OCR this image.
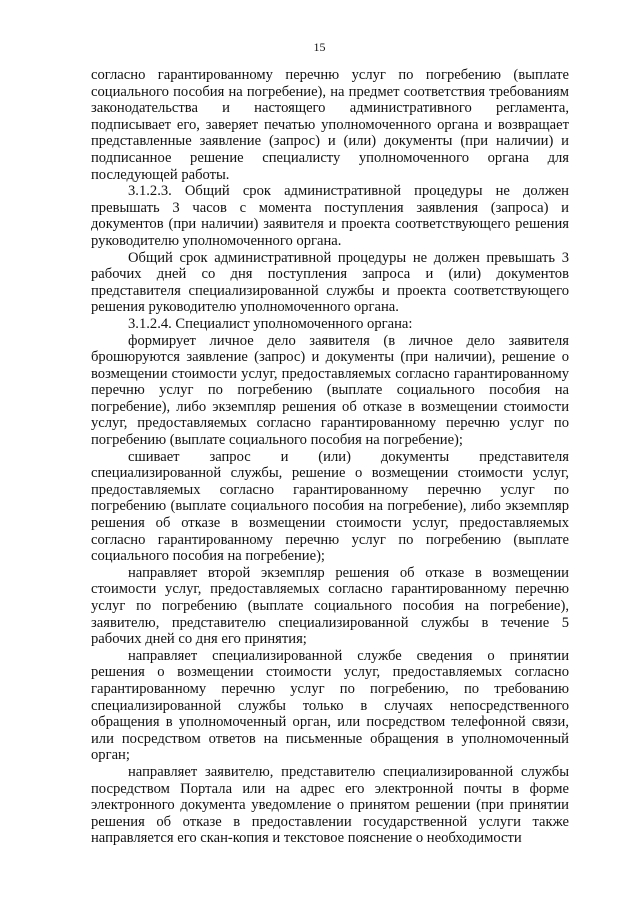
15

согласно гарантированному перечню услуг по погребению (выплате социального пособия на погребение), на предмет соответствия требованиям законодательства и настоящего административного регламента, подписывает его, заверяет печатью уполномоченного органа и возвращает представленные заявление (запрос) и (или) документы (при наличии) и подписанное решение специалисту уполномоченного органа для последующей работы.

3.1.2.3. Общий срок административной процедуры не должен превышать 3 часов с момента поступления заявления (запроса) и документов (при наличии) заявителя и проекта соответствующего решения руководителю уполномоченного органа.

Общий срок административной процедуры не должен превышать 3 рабочих дней со дня поступления запроса и (или) документов представителя специализированной службы и проекта соответствующего решения руководителю уполномоченного органа.

3.1.2.4. Специалист уполномоченного органа:

формирует личное дело заявителя (в личное дело заявителя брошюруются заявление (запрос) и документы (при наличии), решение о возмещении стоимости услуг, предоставляемых согласно гарантированному перечню услуг по погребению (выплате социального пособия на погребение), либо экземпляр решения об отказе в возмещении стоимости услуг, предоставляемых согласно гарантированному перечню услуг по погребению (выплате социального пособия на погребение);

сшивает запрос и (или) документы представителя специализированной службы, решение о возмещении стоимости услуг, предоставляемых согласно гарантированному перечню услуг по погребению (выплате социального пособия на погребение), либо экземпляр решения об отказе в возмещении стоимости услуг, предоставляемых согласно гарантированному перечню услуг по погребению (выплате социального пособия на погребение);

направляет второй экземпляр решения об отказе в возмещении стоимости услуг, предоставляемых согласно гарантированному перечню услуг по погребению (выплате социального пособия на погребение), заявителю, представителю специализированной службы в течение 5 рабочих дней со дня его принятия;

направляет специализированной службе сведения о принятии решения о возмещении стоимости услуг, предоставляемых согласно гарантированному перечню услуг по погребению, по требованию специализированной службы только в случаях непосредственного обращения в уполномоченный орган, или посредством телефонной связи, или посредством ответов на письменные обращения в уполномоченный орган;

направляет заявителю, представителю специализированной службы посредством Портала или на адрес его электронной почты в форме электронного документа уведомление о принятом решении (при принятии решения об отказе в предоставлении государственной услуги также направляется его скан-копия и текстовое пояснение о необходимости
